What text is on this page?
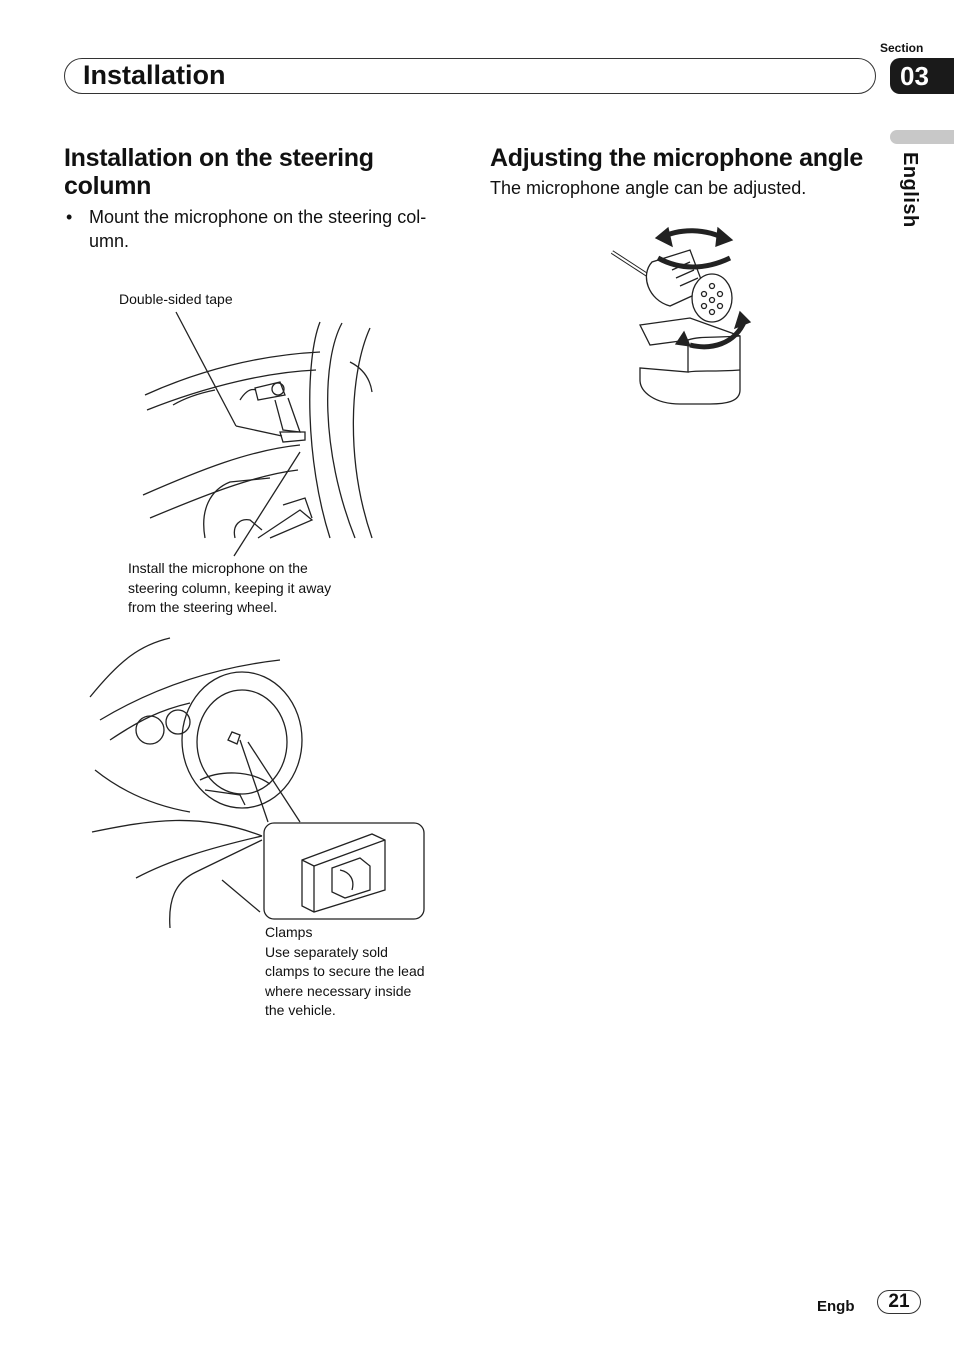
Section
03
Installation
English
Installation on the steering column
• Mount the microphone on the steering col-umn.
Adjusting the microphone angle
The microphone angle can be adjusted.
Double-sided tape
Install the microphone on the steering column, keeping it away from the steering wheel.
Clamps
Use separately sold clamps to secure the lead where necessary inside the vehicle.
Engb	21
